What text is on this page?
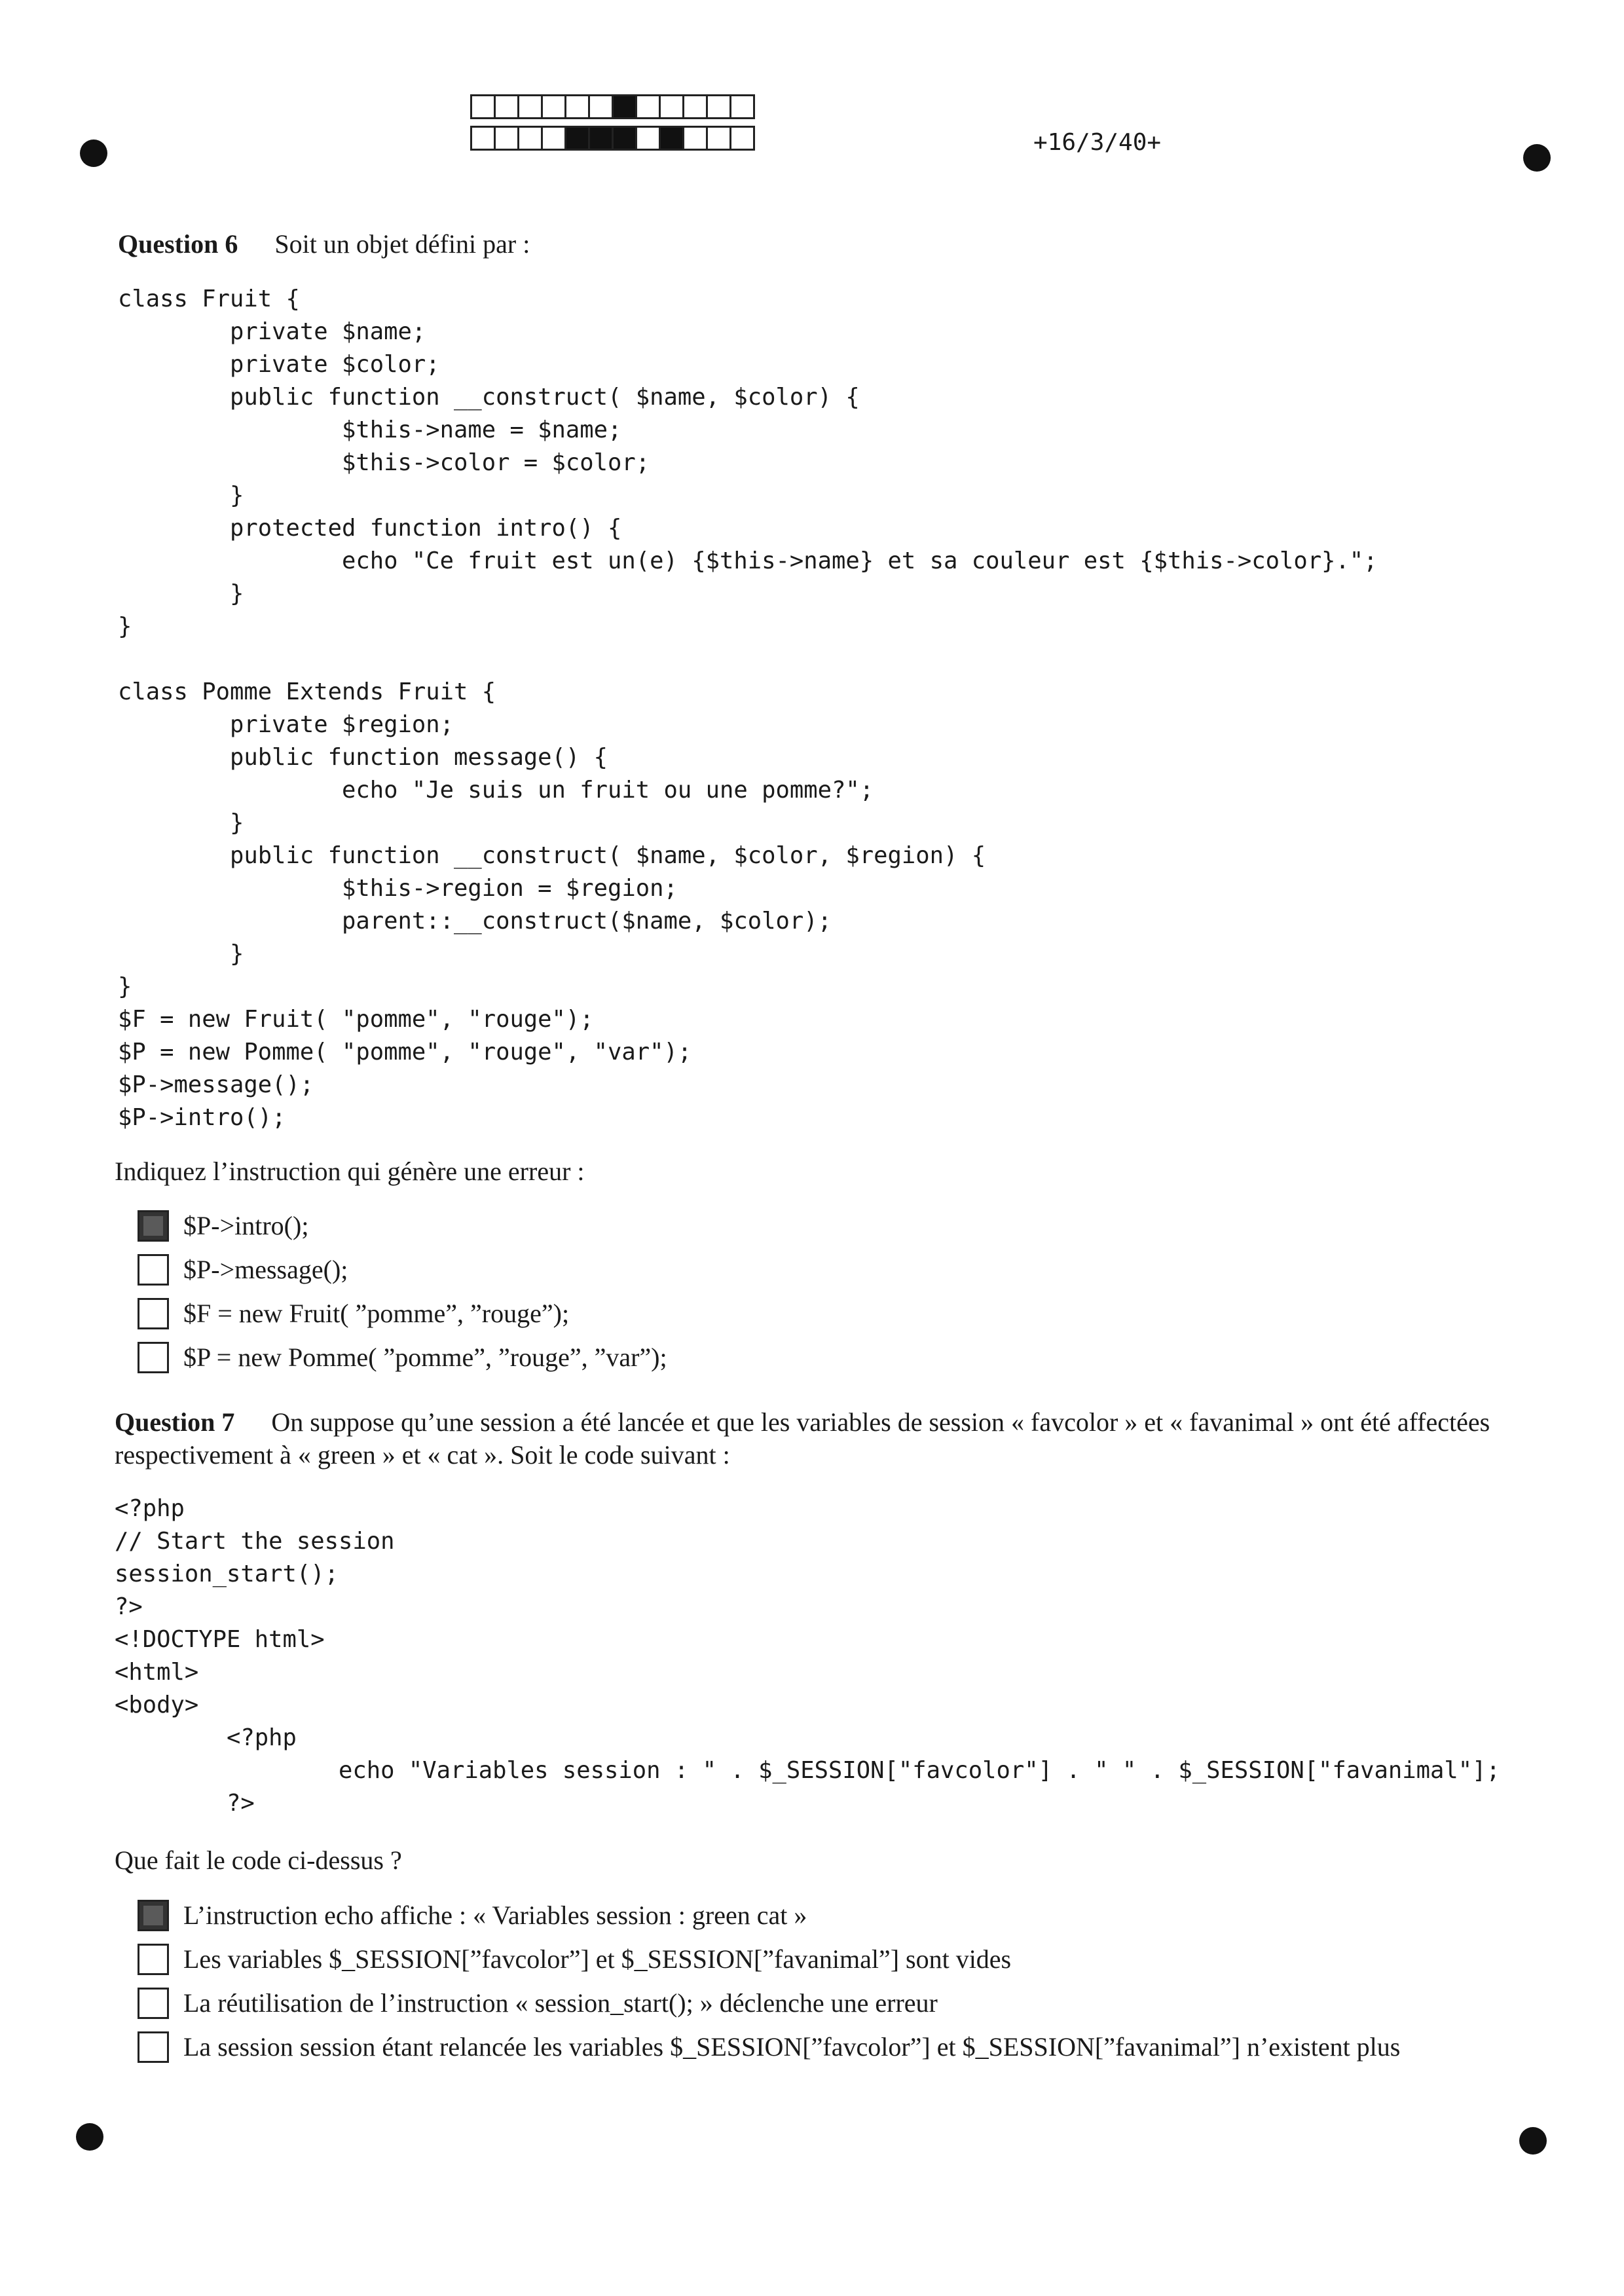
+16/3/40+
Question 6 Soit un objet défini par :
class Fruit {
private $name;
private $color;
public function __construct( $name, $color) {
$this->name = $name;
$this->color = $color;
}
protected function intro() {
echo "Ce fruit est un(e) {$this->name} et sa couleur est {$this->color}.";
}
}

class Pomme Extends Fruit {
private $region;
public function message() {
echo "Je suis un fruit ou une pomme?";
}
public function __construct( $name, $color, $region) {
$this->region = $region;
parent::__construct($name, $color);
}
}
$F = new Fruit( "pomme", "rouge");
$P = new Pomme( "pomme", "rouge", "var");
$P->message();
$P->intro();
Indiquez l’instruction qui génère une erreur :
$P->intro();
$P->message();
$F = new Fruit( ”pomme”, ”rouge”);
$P = new Pomme( ”pomme”, ”rouge”, ”var”);
Question 7 On suppose qu’une session a été lancée et que les variables de session « favcolor » et « favanimal » ont été affectées respectivement à « green » et « cat ». Soit le code suivant :
<?php
// Start the session
session_start();
?>
<!DOCTYPE html>
<html>
<body>
<?php
echo "Variables session : " . $_SESSION["favcolor"] . " " . $_SESSION["favanimal"];
?>
Que fait le code ci-dessus ?
L’instruction echo affiche : « Variables session : green cat »
Les variables $_SESSION[”favcolor”] et $_SESSION[”favanimal”] sont vides
La réutilisation de l’instruction « session_start(); » déclenche une erreur
La session session étant relancée les variables $_SESSION[”favcolor”] et $_SESSION[”favanimal”] n’existent plus
